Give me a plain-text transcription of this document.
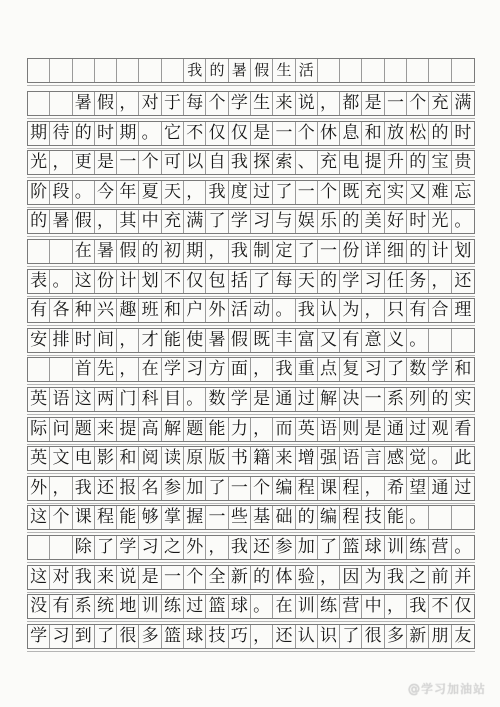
我 的 暑 假 生 活
暑 假 ， 对 于 每 个 学 生 来 说 ， 都 是 一 个 充 满
期 待 的 时 期 。 它 不 仅 仅 是 一 个 休 息 和 放 松 的 时
光 ， 更 是 一 个 可 以 自 我 探 索 、 充 电 提 升 的 宝 贵
阶 段 。 今 年 夏 天 ， 我 度 过 了 一 个 既 充 实 又 难 忘
的 暑 假 ， 其 中 充 满 了 学 习 与 娱 乐 的 美 好 时 光 。
在 暑 假 的 初 期 ， 我 制 定 了 一 份 详 细 的 计 划
表 。 这 份 计 划 不 仅 包 括 了 每 天 的 学 习 任 务 ， 还
有 各 种 兴 趣 班 和 户 外 活 动 。 我 认 为 ， 只 有 合 理
安 排 时 间 ， 才 能 使 暑 假 既 丰 富 又 有 意 义 。
首 先 ， 在 学 习 方 面 ， 我 重 点 复 习 了 数 学 和
英 语 这 两 门 科 目 。 数 学 是 通 过 解 决 一 系 列 的 实
际 问 题 来 提 高 解 题 能 力 ， 而 英 语 则 是 通 过 观 看
英 文 电 影 和 阅 读 原 版 书 籍 来 增 强 语 言 感 觉 。 此
外 ， 我 还 报 名 参 加 了 一 个 编 程 课 程 ， 希 望 通 过
这 个 课 程 能 够 掌 握 一 些 基 础 的 编 程 技 能 。
除 了 学 习 之 外 ， 我 还 参 加 了 篮 球 训 练 营 。
这 对 我 来 说 是 一 个 全 新 的 体 验 ， 因 为 我 之 前 并
没 有 系 统 地 训 练 过 篮 球 。 在 训 练 营 中 ， 我 不 仅
学 习 到 了 很 多 篮 球 技 巧 ， 还 认 识 了 很 多 新 朋 友
@学习加油站
